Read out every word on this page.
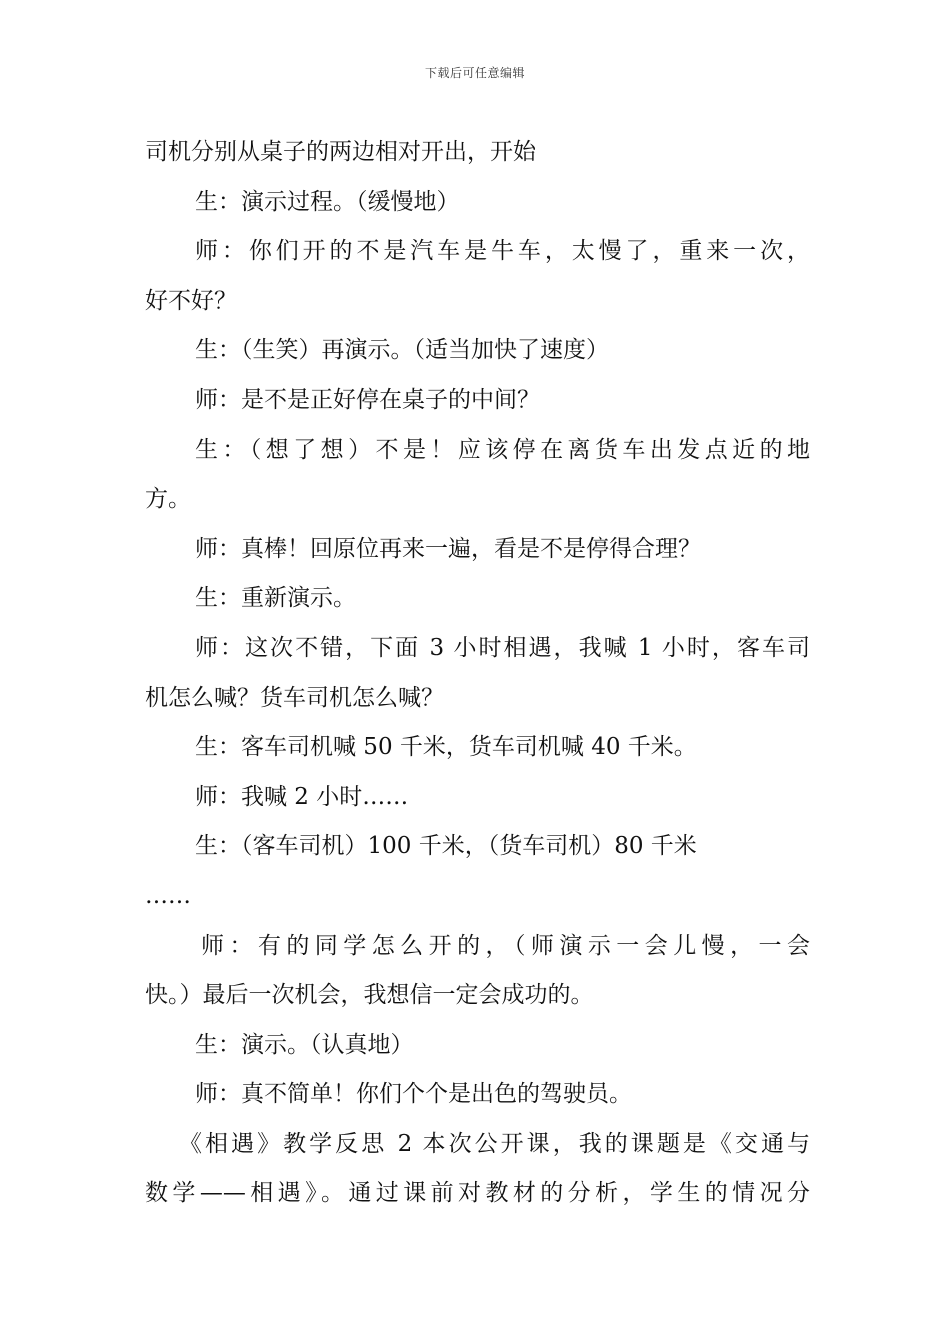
下载后可任意编辑
司机分别从桌子的两边相对开出，开始
生：演示过程。（缓慢地）
师：你们开的不是汽车是牛车，太慢了，重来一次，
好不好？
生：（生笑）再演示。（适当加快了速度）
师：是不是正好停在桌子的中间？
生：（想了想）不是！应该停在离货车出发点近的地
方。
师：真棒！回原位再来一遍，看是不是停得合理？
生：重新演示。
师：这次不错，下面 3 小时相遇，我喊 1 小时，客车司
机怎么喊？货车司机怎么喊？
生：客车司机喊 50 千米，货车司机喊 40 千米。
师：我喊 2 小时……
生：（客车司机）100 千米，（货车司机）80 千米
……
师：有的同学怎么开的，（师演示一会儿慢，一会
快。）最后一次机会，我想信一定会成功的。
生：演示。（认真地）
师：真不简单！你们个个是出色的驾驶员。
《相遇》教学反思 2 本次公开课，我的课题是《交通与
数学——相遇》。通过课前对教材的分析，学生的情况分
